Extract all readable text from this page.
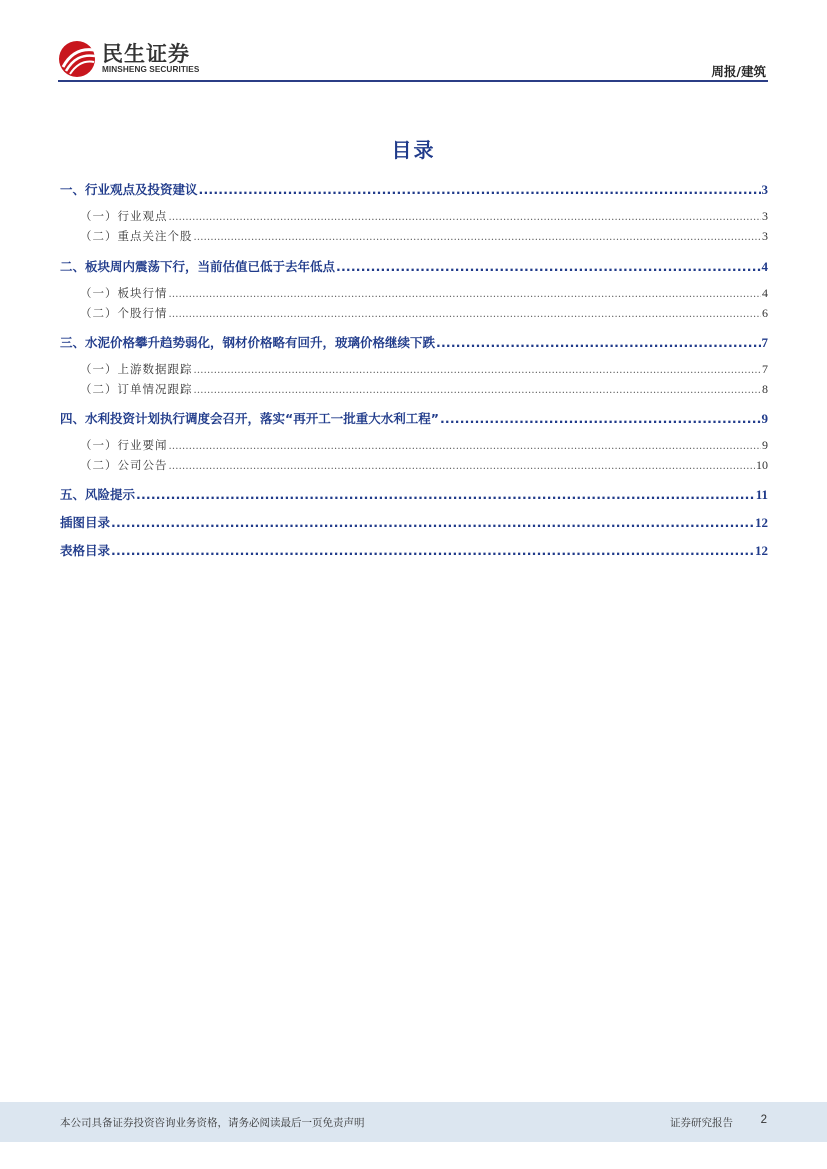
民生证券
MINSHENG SECURITIES	周报/建筑
目录
一、行业观点及投资建议 .....	3
（一）行业观点 .....	3
（二）重点关注个股 .....	3
二、板块周内震荡下行，当前估值已低于去年低点 .....	4
（一）板块行情 .....	4
（二）个股行情 .....	6
三、水泥价格攀升趋势弱化，钢材价格略有回升，玻璃价格继续下跌 .....	7
（一）上游数据跟踪 .....	7
（二）订单情况跟踪 .....	8
四、水利投资计划执行调度会召开，落实“再开工一批重大水利工程” .....	9
（一）行业要闻 .....	9
（二）公司公告 .....	10
五、风险提示 .....	11
插图目录 .....	12
表格目录 .....	12
本公司具备证券投资咨询业务资格，请务必阅读最后一页免责声明	证券研究报告 2
